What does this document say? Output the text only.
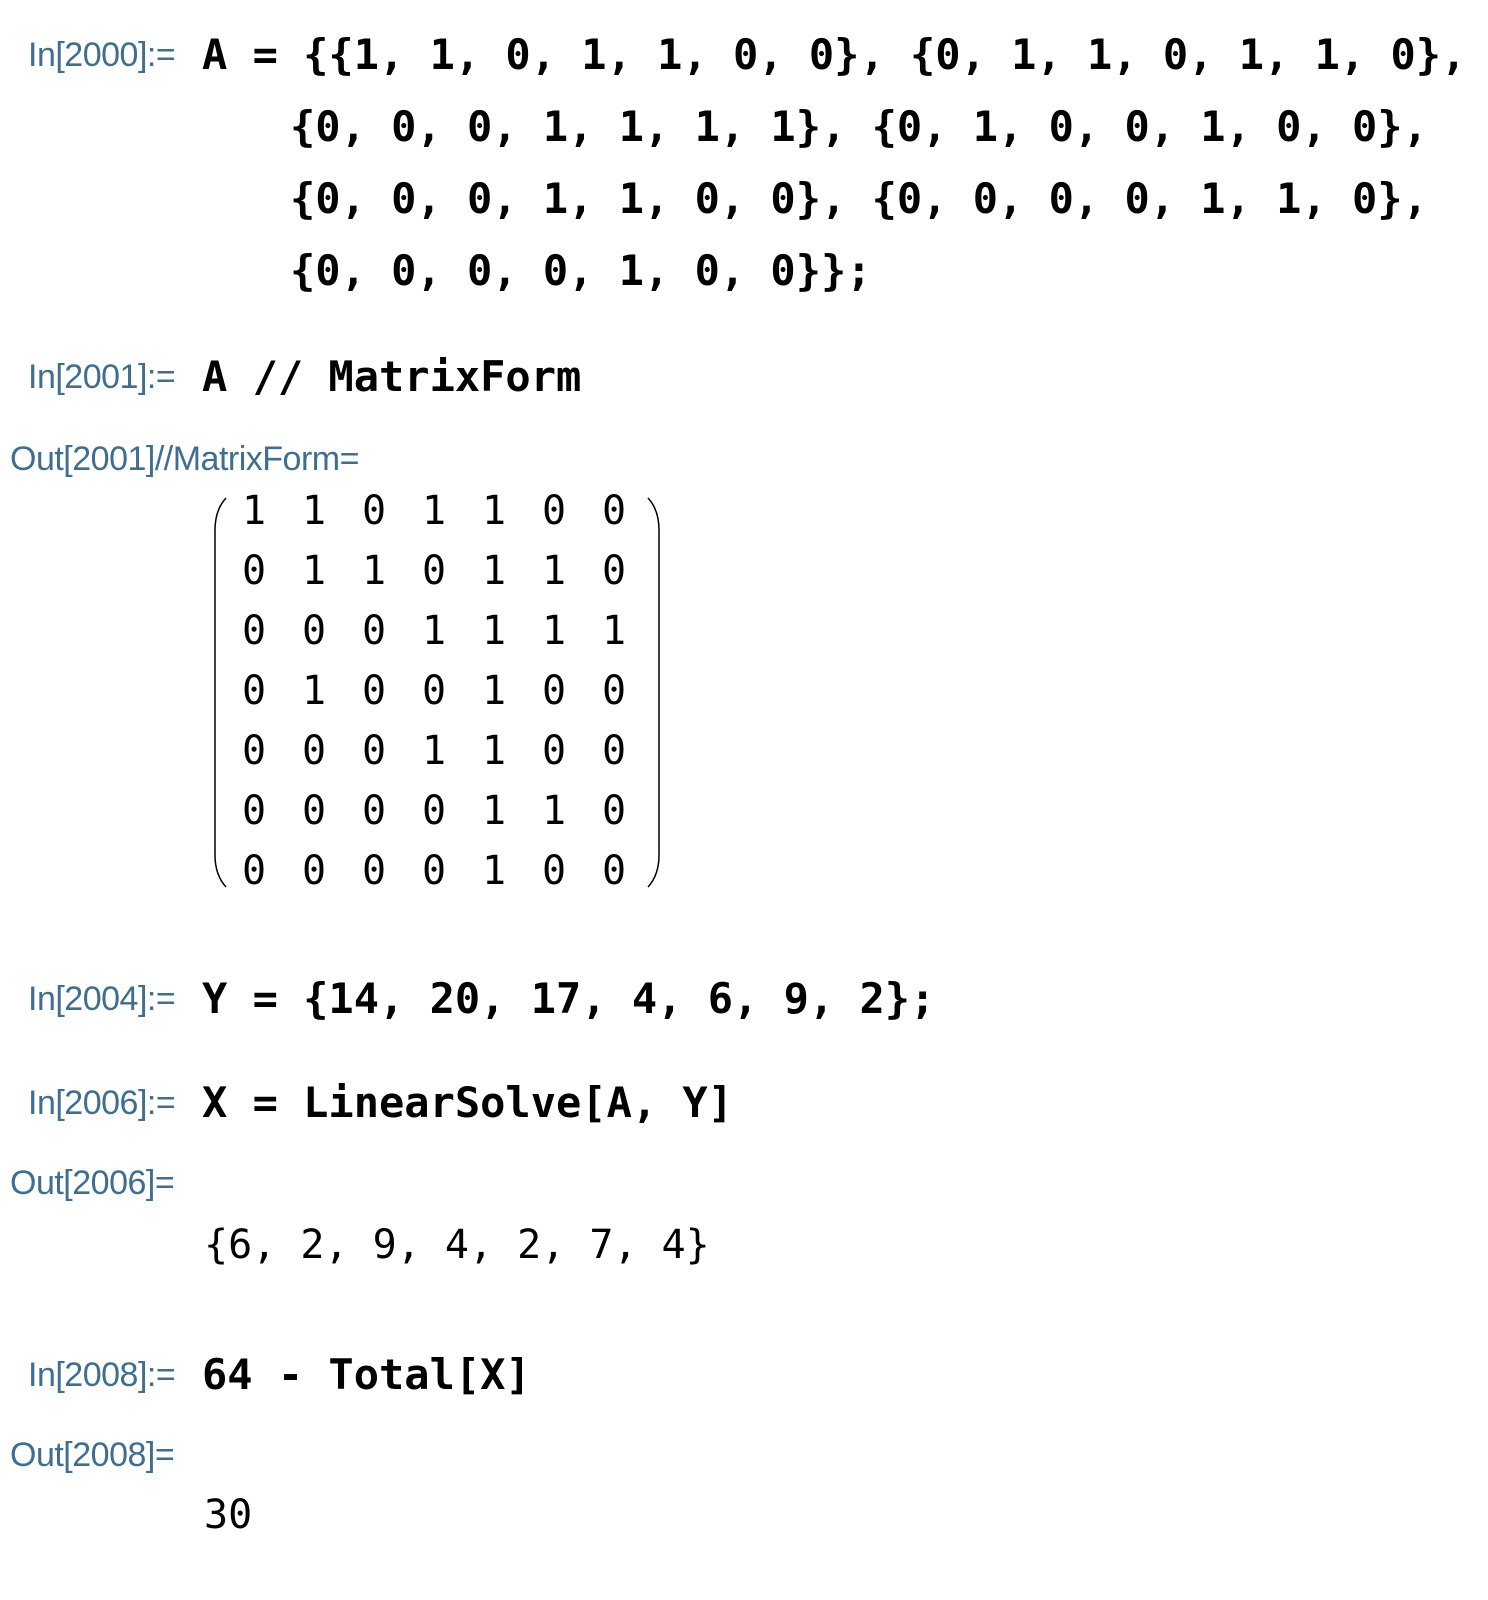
In[2000]:= A = {{1, 1, 0, 1, 1, 0, 0}, {0, 1, 1, 0, 1, 1, 0},
{0, 0, 0, 1, 1, 1, 1}, {0, 1, 0, 0, 1, 0, 0},
{0, 0, 0, 1, 1, 0, 0}, {0, 0, 0, 0, 1, 1, 0},
{0, 0, 0, 0, 1, 0, 0}};
In[2001]:= A // MatrixForm
Out[2001]//MatrixForm=
1 1 0 1 1 0 0
0 1 1 0 1 1 0
0 0 0 1 1 1 1
0 1 0 0 1 0 0
0 0 0 1 1 0 0
0 0 0 0 1 1 0
0 0 0 0 1 0 0
In[2004]:= Y = {14, 20, 17, 4, 6, 9, 2};
In[2006]:= X = LinearSolve[A, Y]
Out[2006]=
{6, 2, 9, 4, 2, 7, 4}
In[2008]:= 64 - Total[X]
Out[2008]=
30
